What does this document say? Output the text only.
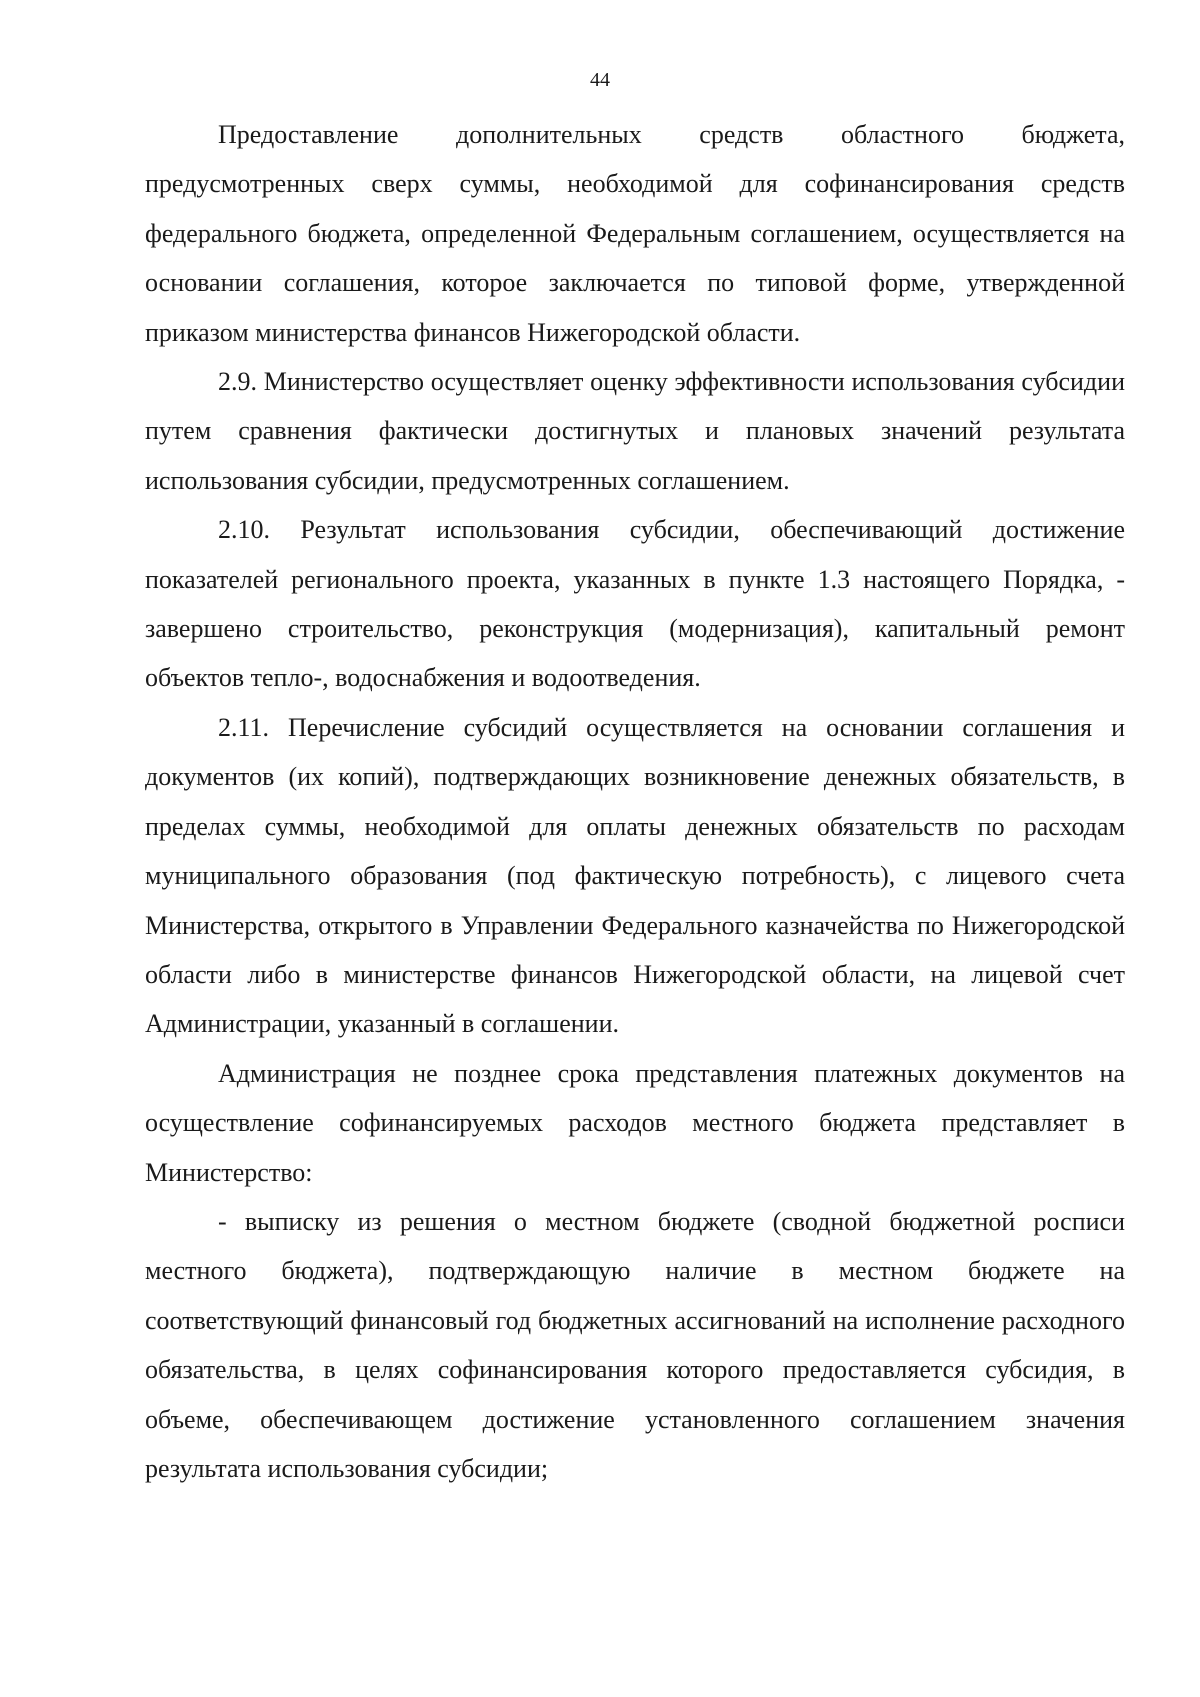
44

Предоставление дополнительных средств областного бюджета, предусмотренных сверх суммы, необходимой для софинансирования средств федерального бюджета, определенной Федеральным соглашением, осуществляется на основании соглашения, которое заключается по типовой форме, утвержденной приказом министерства финансов Нижегородской области.

2.9. Министерство осуществляет оценку эффективности использования субсидии путем сравнения фактически достигнутых и плановых значений результата использования субсидии, предусмотренных соглашением.

2.10. Результат использования субсидии, обеспечивающий достижение показателей регионального проекта, указанных в пункте 1.3 настоящего Порядка, - завершено строительство, реконструкция (модернизация), капитальный ремонт объектов тепло-, водоснабжения и водоотведения.

2.11. Перечисление субсидий осуществляется на основании соглашения и документов (их копий), подтверждающих возникновение денежных обязательств, в пределах суммы, необходимой для оплаты денежных обязательств по расходам муниципального образования (под фактическую потребность), с лицевого счета Министерства, открытого в Управлении Федерального казначейства по Нижегородской области либо в министерстве финансов Нижегородской области, на лицевой счет Администрации, указанный в соглашении.

Администрация не позднее срока представления платежных документов на осуществление софинансируемых расходов местного бюджета представляет в Министерство:

- выписку из решения о местном бюджете (сводной бюджетной росписи местного бюджета), подтверждающую наличие в местном бюджете на соответствующий финансовый год бюджетных ассигнований на исполнение расходного обязательства, в целях софинансирования которого предоставляется субсидия, в объеме, обеспечивающем достижение установленного соглашением значения результата использования субсидии;
